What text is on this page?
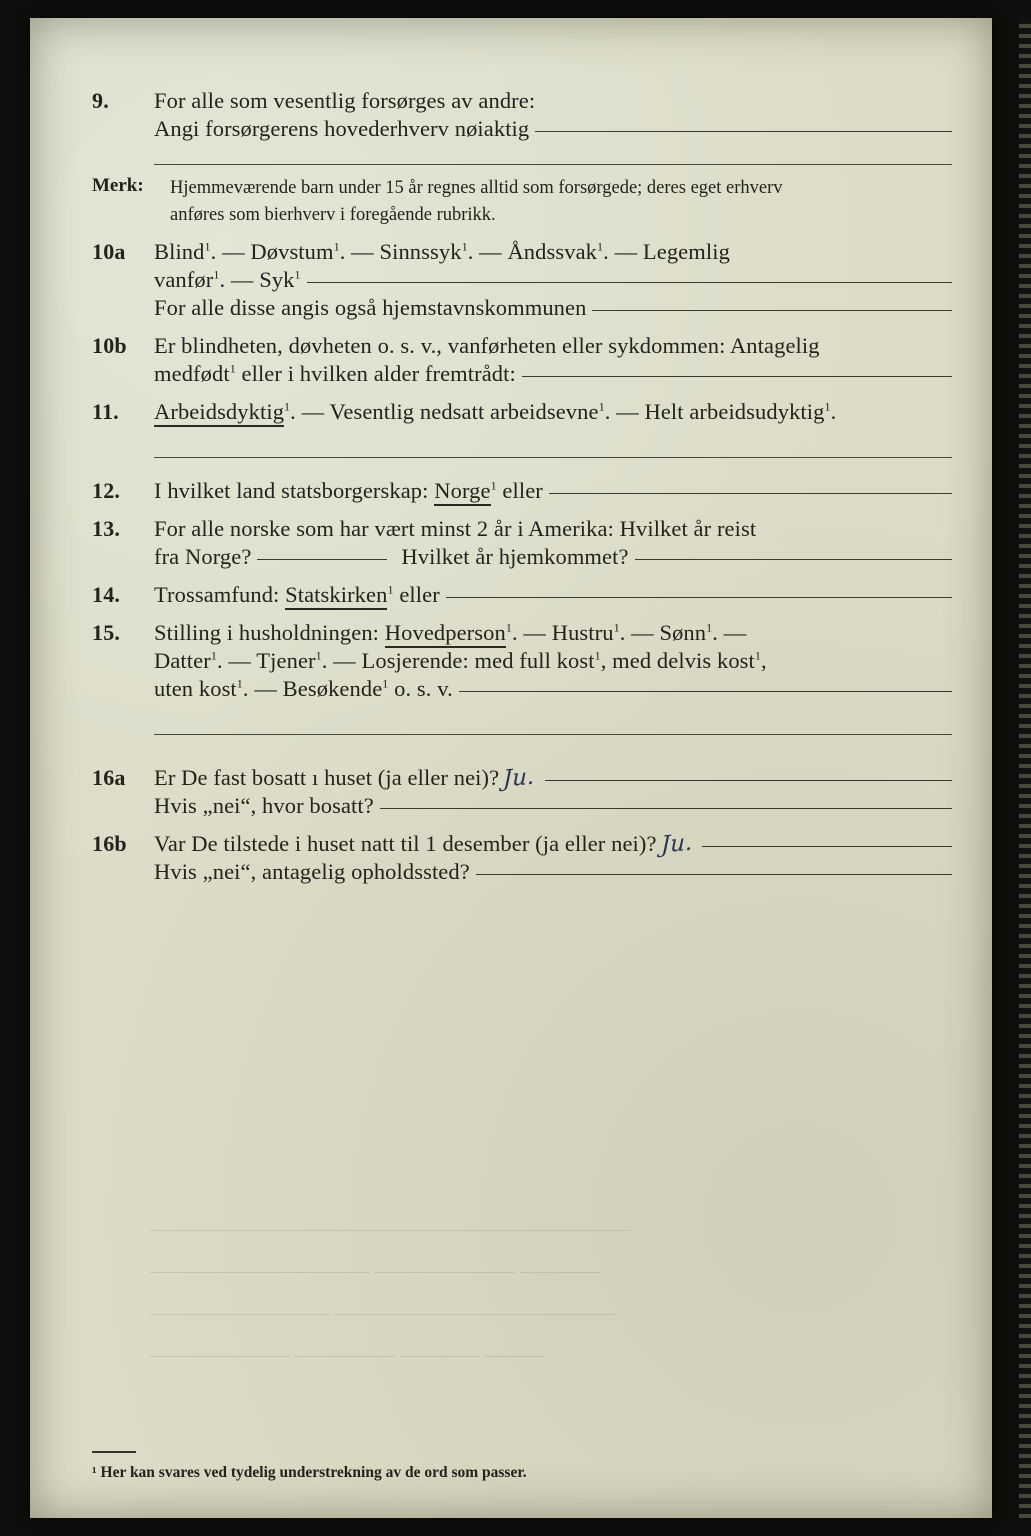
9.	For alle som vesentlig forsørges av andre:
Angi forsørgerens hovederhverv nøiaktig
Merk:	Hjemmeværende barn under 15 år regnes alltid som forsørgede; deres eget erhverv
anføres som bierhverv i foregående rubrikk.
10a	Blind$^1$. — Døvstum$^1$. — Sinnssyk$^1$. — Åndssvak$^1$. — Legemlig
vanfør$^1$. — Syk$^1$
For alle disse angis også hjemstavnskommunen
10b	Er blindheten, døvheten o. s. v., vanførheten eller sykdommen: Antagelig
medfødt$^1$ eller i hvilken alder fremtrådt:
11.	Arbeidsdyktig$^1$. — Vesentlig nedsatt arbeidsevne$^1$. — Helt arbeidsudyktig$^1$.
12.	I hvilket land statsborgerskap: Norge$^1$ eller
13.	For alle norske som har vært minst 2 år i Amerika: Hvilket år reist
fra Norge?	Hvilket år hjemkommet?
14.	Trossamfund: Statskirken$^1$ eller
15.	Stilling i husholdningen: Hovedperson$^1$. — Hustru$^1$. — Sønn$^1$. —
Datter$^1$. — Tjener$^1$. — Losjerende: med full kost$^1$, med delvis kost$^1$,
uten kost$^1$. — Besøkende$^1$ o. s. v.
16a	Er De fast bosatt ı huset (ja eller nei)? Ju.
Hvis „nei“, hvor bosatt?
16b	Var De tilstede i huset natt til 1 desember (ja eller nei)? Ju.
Hvis „nei“, antagelig opholdssted?
————————————————————————
——————————— ——————— ————
————————— ——————————————
——————— ————— ———— ———

¹ Her kan svares ved tydelig understrekning av de ord som passer.
